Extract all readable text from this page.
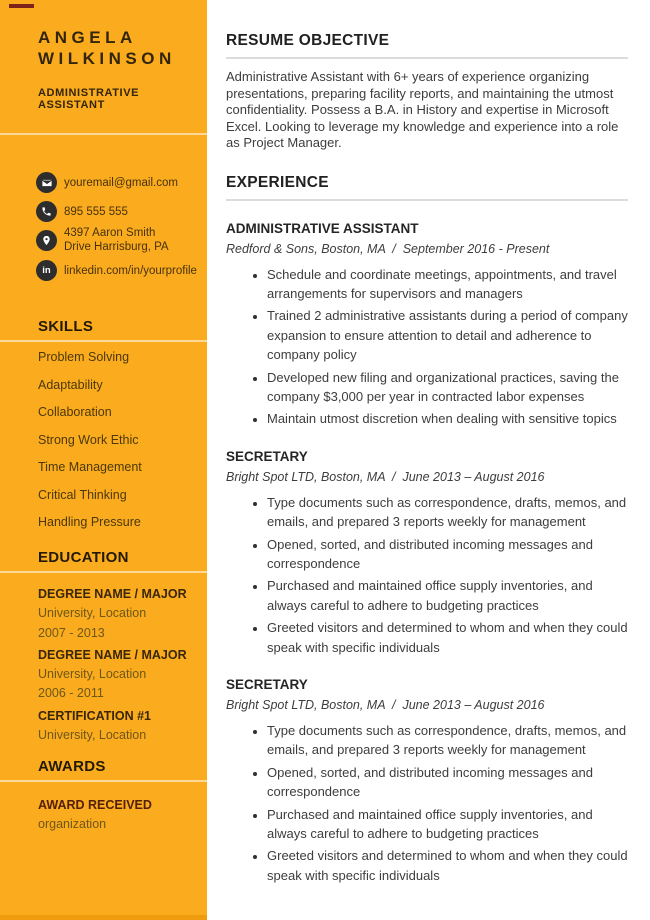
ANGELA
WILKINSON
ADMINISTRATIVE ASSISTANT
youremail@gmail.com
895 555 555
4397 Aaron Smith
Drive Harrisburg, PA
in linkedin.com/in/yourprofile
SKILLS
Problem Solving
Adaptability
Collaboration
Strong Work Ethic
Time Management
Critical Thinking
Handling Pressure
EDUCATION
DEGREE NAME / MAJOR
University, Location
2007 - 2013
DEGREE NAME / MAJOR
University, Location
2006 - 2011
CERTIFICATION #1
University, Location
AWARDS
AWARD RECEIVED
organization
RESUME OBJECTIVE

Administrative Assistant with 6+ years of experience organizing presentations, preparing facility reports, and maintaining the utmost confidentiality. Possess a B.A. in History and expertise in Microsoft Excel. Looking to leverage my knowledge and experience into a role as Project Manager.

EXPERIENCE
ADMINISTRATIVE ASSISTANT

Redford & Sons, Boston, MA  /  September 2016 - Present

• Schedule and coordinate meetings, appointments, and travel arrangements for supervisors and managers
• Trained 2 administrative assistants during a period of company expansion to ensure attention to detail and adherence to company policy
• Developed new filing and organizational practices, saving the company $3,000 per year in contracted labor expenses
• Maintain utmost discretion when dealing with sensitive topics
SECRETARY

Bright Spot LTD, Boston, MA  /  June 2013 – August 2016

• Type documents such as correspondence, drafts, memos, and emails, and prepared 3 reports weekly for management
• Opened, sorted, and distributed incoming messages and correspondence
• Purchased and maintained office supply inventories, and always careful to adhere to budgeting practices
• Greeted visitors and determined to whom and when they could speak with specific individuals
SECRETARY

Bright Spot LTD, Boston, MA  /  June 2013 – August 2016

• Type documents such as correspondence, drafts, memos, and emails, and prepared 3 reports weekly for management
• Opened, sorted, and distributed incoming messages and correspondence
• Purchased and maintained office supply inventories, and always careful to adhere to budgeting practices
• Greeted visitors and determined to whom and when they could speak with specific individuals
